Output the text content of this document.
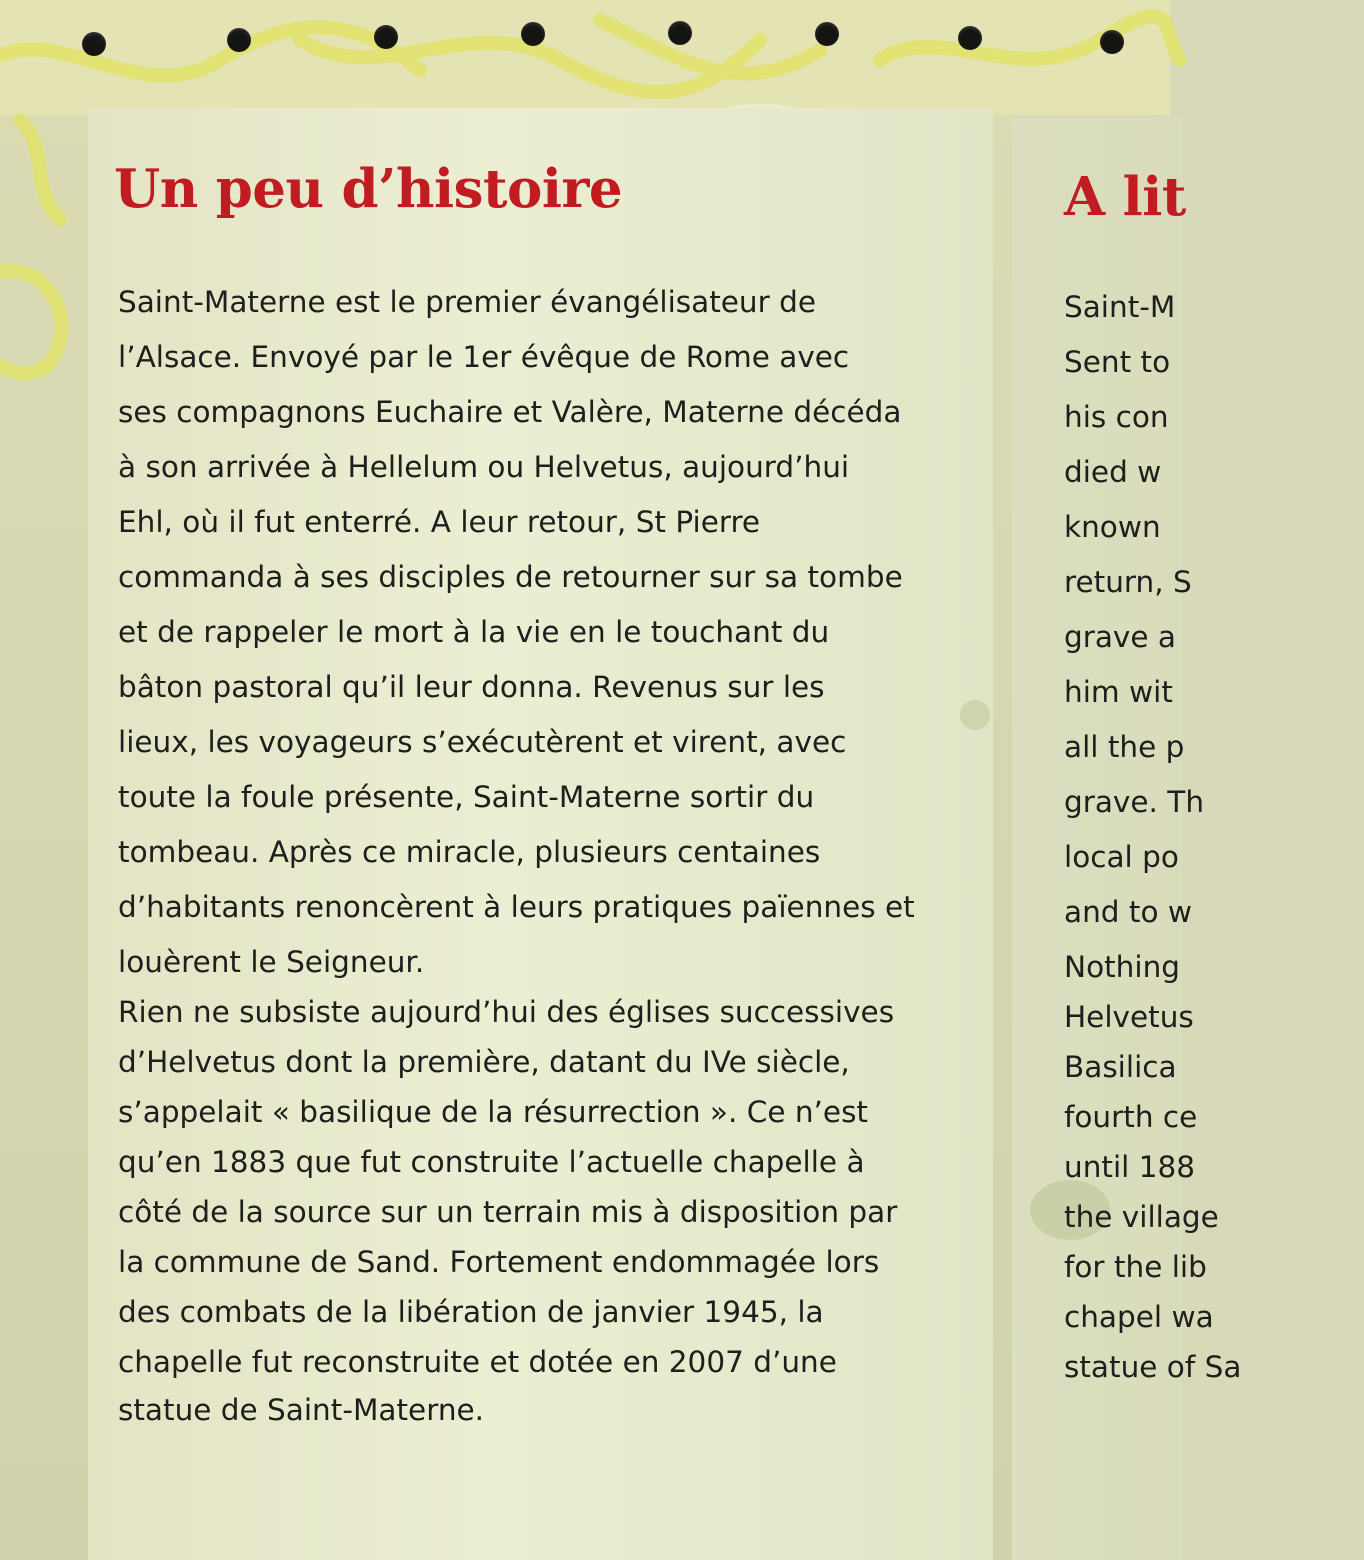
Un peu d’histoire
Saint-Materne est le premier évangélisateur de
l’Alsace. Envoyé par le 1er évêque de Rome avec
ses compagnons Euchaire et Valère, Materne décéda
à son arrivée à Hellelum ou Helvetus, aujourd’hui
Ehl, où il fut enterré. A leur retour, St Pierre
commanda à ses disciples de retourner sur sa tombe
et de rappeler le mort à la vie en le touchant du
bâton pastoral qu’il leur donna. Revenus sur les
lieux, les voyageurs s’exécutèrent et virent, avec
toute la foule présente, Saint-Materne sortir du
tombeau. Après ce miracle, plusieurs centaines
d’habitants renoncèrent à leurs pratiques païennes et
louèrent le Seigneur.
Rien ne subsiste aujourd’hui des églises successives
d’Helvetus dont la première, datant du IVe siècle,
s’appelait « basilique de la résurrection ». Ce n’est
qu’en 1883 que fut construite l’actuelle chapelle à
côté de la source sur un terrain mis à disposition par
la commune de Sand. Fortement endommagée lors
des combats de la libération de janvier 1945, la
chapelle fut reconstruite et dotée en 2007 d’une
statue de Saint-Materne.
A lit
Saint-M
Sent to
his con
died w
known
return, S
grave a
him wit
all the p
grave. Th
local po
and to w
Nothing
Helvetus
Basilica
fourth ce
until 188
the village
for the lib
chapel wa
statue of Sa
